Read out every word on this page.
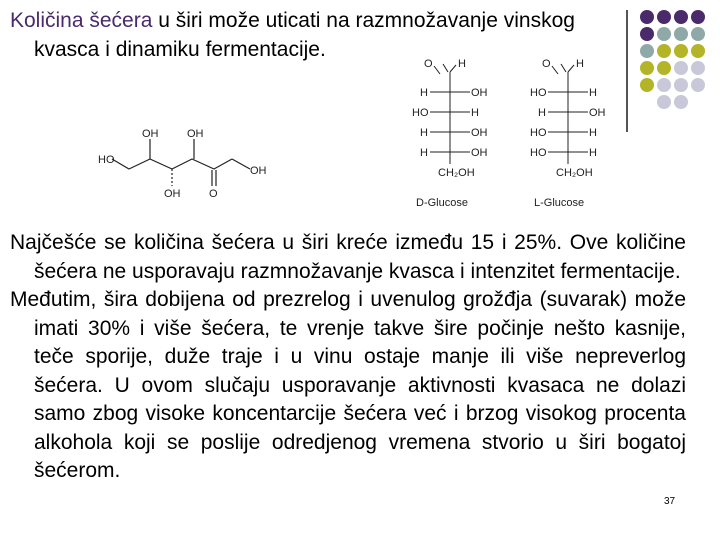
Količina šećera u širi može uticati na razmnožavanje vinskog
kvasca i dinamiku fermentacije.
HO
OH	OH
OH	O
OH
O H
H	OH
HO	H
H	OH
H	OH
CH₂OH
D-Glucose
O H
HO	H
H	OH
HO	H
HO	H
CH₂OH
L-Glucose

Najčešće se količina šećera u širi kreće između 15 i 25%. Ove količine šećera ne usporavaju razmnožavanje kvasca i intenzitet fermentacije.

Međutim, šira dobijena od prezrelog i uvenulog grožđja (suvarak) može imati 30% i više šećera, te vrenje takve šire počinje nešto kasnije, teče sporije, duže traje i u vinu ostaje manje ili više nepreverlog šećera. U ovom slučaju usporavanje aktivnosti kvasaca ne dolazi samo zbog visoke koncentarcije šećera već i brzog visokog procenta alkohola koji se poslije odredjenog vremena stvorio u širi bogatoj šećerom.

37
